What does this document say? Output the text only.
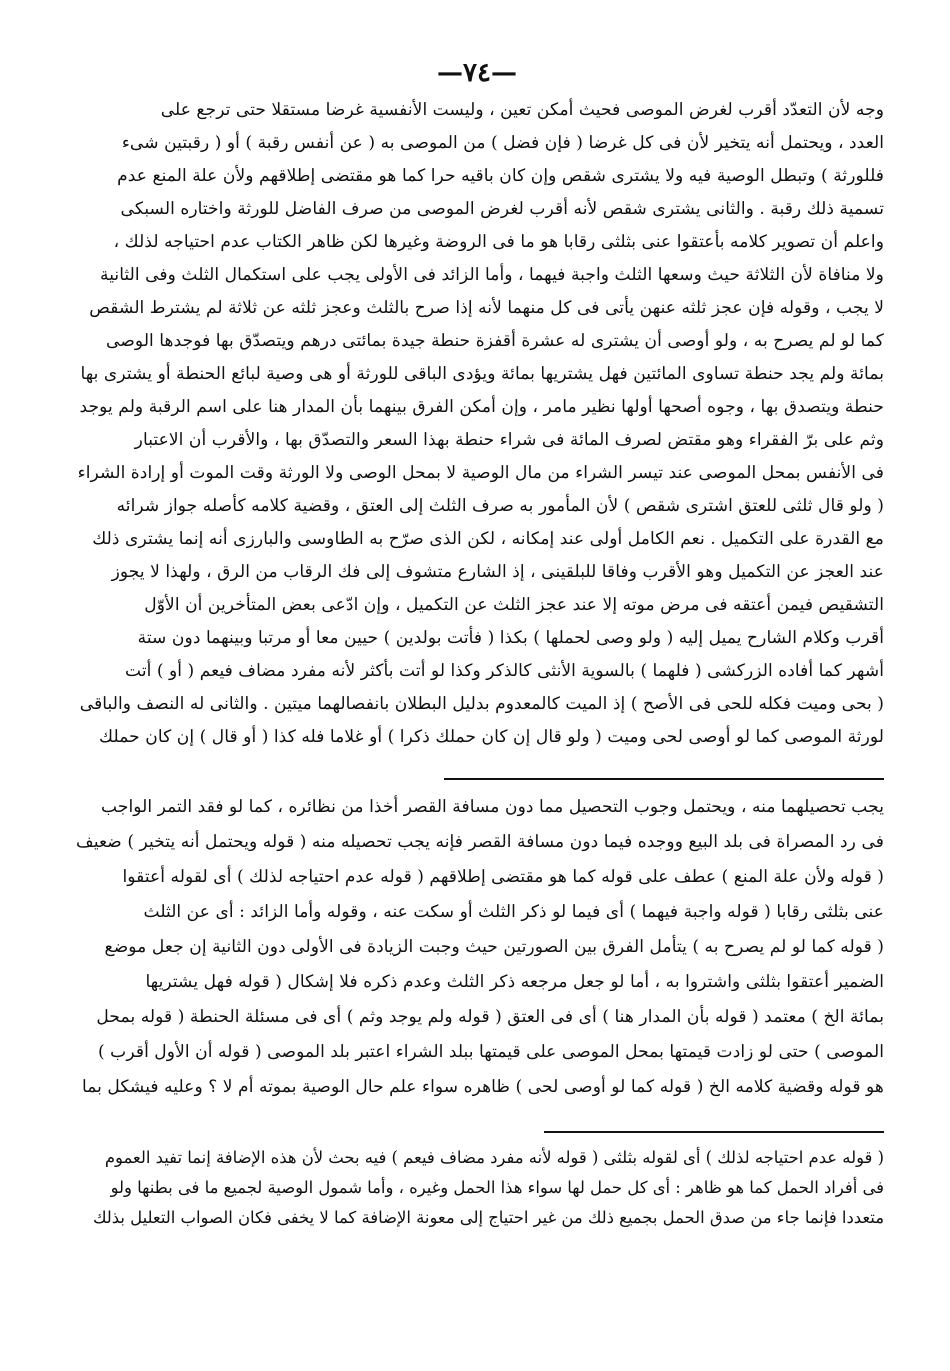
—٧٤—
وجه لأن التعدّد أقرب لغرض الموصى فحيث أمكن تعين ، وليست الأنفسية غرضا مستقلا حتى ترجع على
العدد ، ويحتمل أنه يتخير لأن فى كل غرضا ( فإن فضل ) من الموصى به ( عن أنفس رقبة ) أو ( رقبتين شىء
فللورثة ) وتبطل الوصية فيه ولا يشترى شقص وإن كان باقيه حرا كما هو مقتضى إطلاقهم ولأن علة المنع عدم
تسمية ذلك رقبة . والثانى يشترى شقص لأنه أقرب لغرض الموصى من صرف الفاضل للورثة واختاره السبكى
واعلم أن تصوير كلامه بأعتقوا عنى بثلثى رقابا هو ما فى الروضة وغيرها لكن ظاهر الكتاب عدم احتياجه لذلك ،
ولا منافاة لأن الثلاثة حيث وسعها الثلث واجبة فيهما ، وأما الزائد فى الأولى يجب على استكمال الثلث وفى الثانية
لا يجب ، وقوله فإن عجز ثلثه عنهن يأتى فى كل منهما لأنه إذا صرح بالثلث وعجز ثلثه عن ثلاثة لم يشترط الشقص
كما لو لم يصرح به ، ولو أوصى أن يشترى له عشرة أقفزة حنطة جيدة بمائتى درهم ويتصدّق بها فوجدها الوصى
بمائة ولم يجد حنطة تساوى المائتين فهل يشتريها بمائة ويؤدى الباقى للورثة أو هى وصية لبائع الحنطة أو يشترى بها
حنطة ويتصدق بها ، وجوه أصحها أولها نظير مامر ، وإن أمكن الفرق بينهما بأن المدار هنا على اسم الرقبة ولم يوجد
وثم على برّ الفقراء وهو مقتض لصرف المائة فى شراء حنطة بهذا السعر والتصدّق بها ، والأقرب أن الاعتبار
فى الأنفس بمحل الموصى عند تيسر الشراء من مال الوصية لا بمحل الوصى ولا الورثة وقت الموت أو إرادة الشراء
( ولو قال ثلثى للعتق اشترى شقص ) لأن المأمور به صرف الثلث إلى العتق ، وقضية كلامه كأصله جواز شرائه
مع القدرة على التكميل . نعم الكامل أولى عند إمكانه ، لكن الذى صرّح به الطاوسى والبارزى أنه إنما يشترى ذلك
عند العجز عن التكميل وهو الأقرب وفاقا للبلقينى ، إذ الشارع متشوف إلى فك الرقاب من الرق ، ولهذا لا يجوز
التشقيص فيمن أعتقه فى مرض موته إلا عند عجز الثلث عن التكميل ، وإن ادّعى بعض المتأخرين أن الأوّل
أقرب وكلام الشارح يميل إليه ( ولو وصى لحملها ) بكذا ( فأتت بولدين ) حيين معا أو مرتبا وبينهما دون ستة
أشهر كما أفاده الزركشى ( فلهما ) بالسوية الأنثى كالذكر وكذا لو أتت بأكثر لأنه مفرد مضاف فيعم ( أو ) أتت
( بحى وميت فكله للحى فى الأصح ) إذ الميت كالمعدوم بدليل البطلان بانفصالهما ميتين . والثانى له النصف والباقى
لورثة الموصى كما لو أوصى لحى وميت ( ولو قال إن كان حملك ذكرا ) أو غلاما فله كذا ( أو قال ) إن كان حملك
يجب تحصيلهما منه ، ويحتمل وجوب التحصيل مما دون مسافة القصر أخذا من نظائره ، كما لو فقد التمر الواجب
فى رد المصراة فى بلد البيع ووجده فيما دون مسافة القصر فإنه يجب تحصيله منه ( قوله ويحتمل أنه يتخير ) ضعيف
( قوله ولأن علة المنع ) عطف على قوله كما هو مقتضى إطلاقهم ( قوله عدم احتياجه لذلك ) أى لقوله أعتقوا
عنى بثلثى رقابا ( قوله واجبة فيهما ) أى فيما لو ذكر الثلث أو سكت عنه ، وقوله وأما الزائد : أى عن الثلث
( قوله كما لو لم يصرح به ) يتأمل الفرق بين الصورتين حيث وجبت الزيادة فى الأولى دون الثانية إن جعل موضع
الضمير أعتقوا بثلثى واشتروا به ، أما لو جعل مرجعه ذكر الثلث وعدم ذكره فلا إشكال ( قوله فهل يشتريها
بمائة الخ ) معتمد ( قوله بأن المدار هنا ) أى فى العتق ( قوله ولم يوجد وثم ) أى فى مسئلة الحنطة ( قوله بمحل
الموصى ) حتى لو زادت قيمتها بمحل الموصى على قيمتها ببلد الشراء اعتبر بلد الموصى ( قوله أن الأول أقرب )
هو قوله وقضية كلامه الخ ( قوله كما لو أوصى لحى ) ظاهره سواء علم حال الوصية بموته أم لا ؟ وعليه فيشكل بما
( قوله عدم احتياجه لذلك ) أى لقوله بثلثى ( قوله لأنه مفرد مضاف فيعم ) فيه بحث لأن هذه الإضافة إنما تفيد العموم
فى أفراد الحمل كما هو ظاهر : أى كل حمل لها سواء هذا الحمل وغيره ، وأما شمول الوصية لجميع ما فى بطنها ولو
متعددا فإنما جاء من صدق الحمل بجميع ذلك من غير احتياج إلى معونة الإضافة كما لا يخفى فكان الصواب التعليل بذلك
